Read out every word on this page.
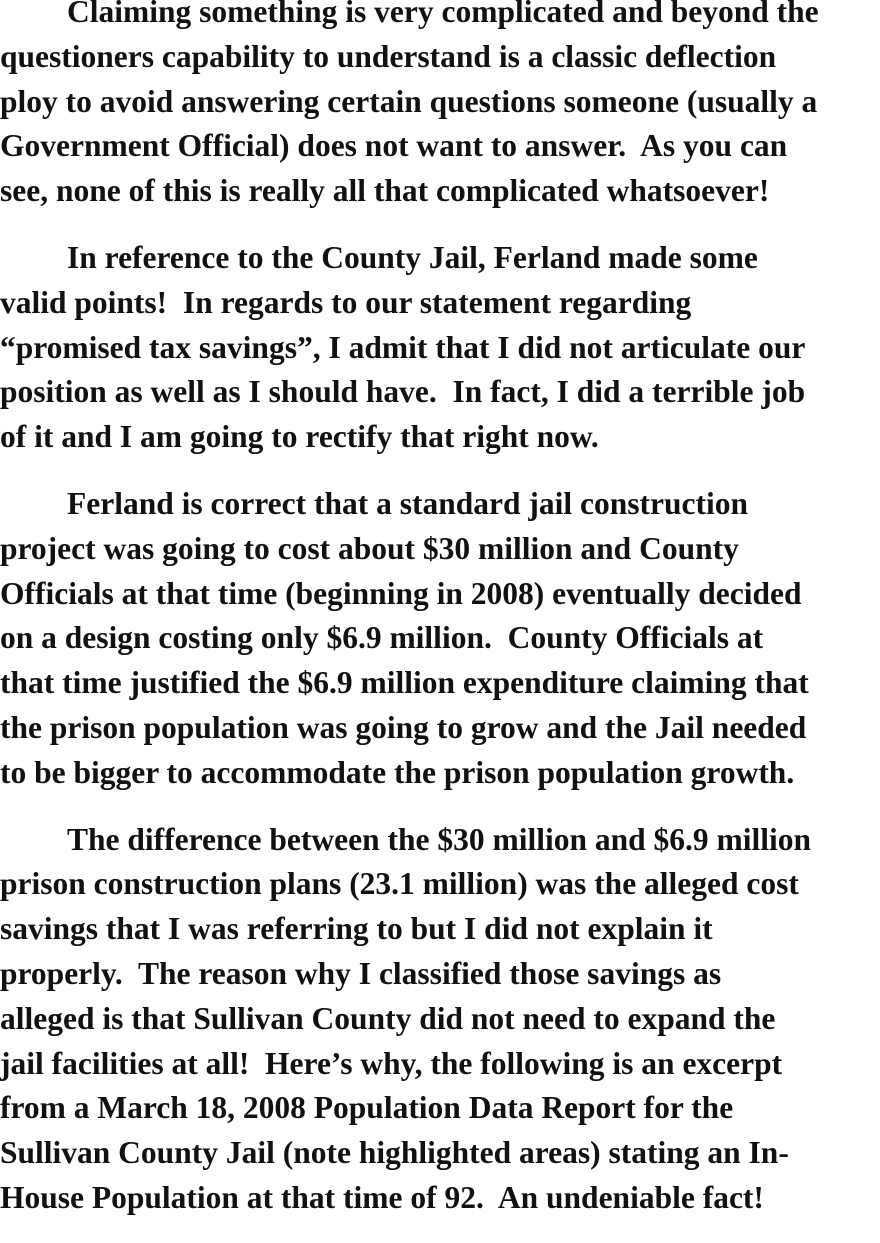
Claiming something is very complicated and beyond the
questioners capability to understand is a classic deflection
ploy to avoid answering certain questions someone (usually a
Government Official) does not want to answer.  As you can
see, none of this is really all that complicated whatsoever!
In reference to the County Jail, Ferland made some
valid points!  In regards to our statement regarding
“promised tax savings”, I admit that I did not articulate our
position as well as I should have.  In fact, I did a terrible job
of it and I am going to rectify that right now.
Ferland is correct that a standard jail construction
project was going to cost about $30 million and County
Officials at that time (beginning in 2008) eventually decided
on a design costing only $6.9 million.  County Officials at
that time justified the $6.9 million expenditure claiming that
the prison population was going to grow and the Jail needed
to be bigger to accommodate the prison population growth.
The difference between the $30 million and $6.9 million
prison construction plans (23.1 million) was the alleged cost
savings that I was referring to but I did not explain it
properly.  The reason why I classified those savings as
alleged is that Sullivan County did not need to expand the
jail facilities at all!  Here’s why, the following is an excerpt
from a March 18, 2008 Population Data Report for the
Sullivan County Jail (note highlighted areas) stating an In-
House Population at that time of 92.  An undeniable fact!
